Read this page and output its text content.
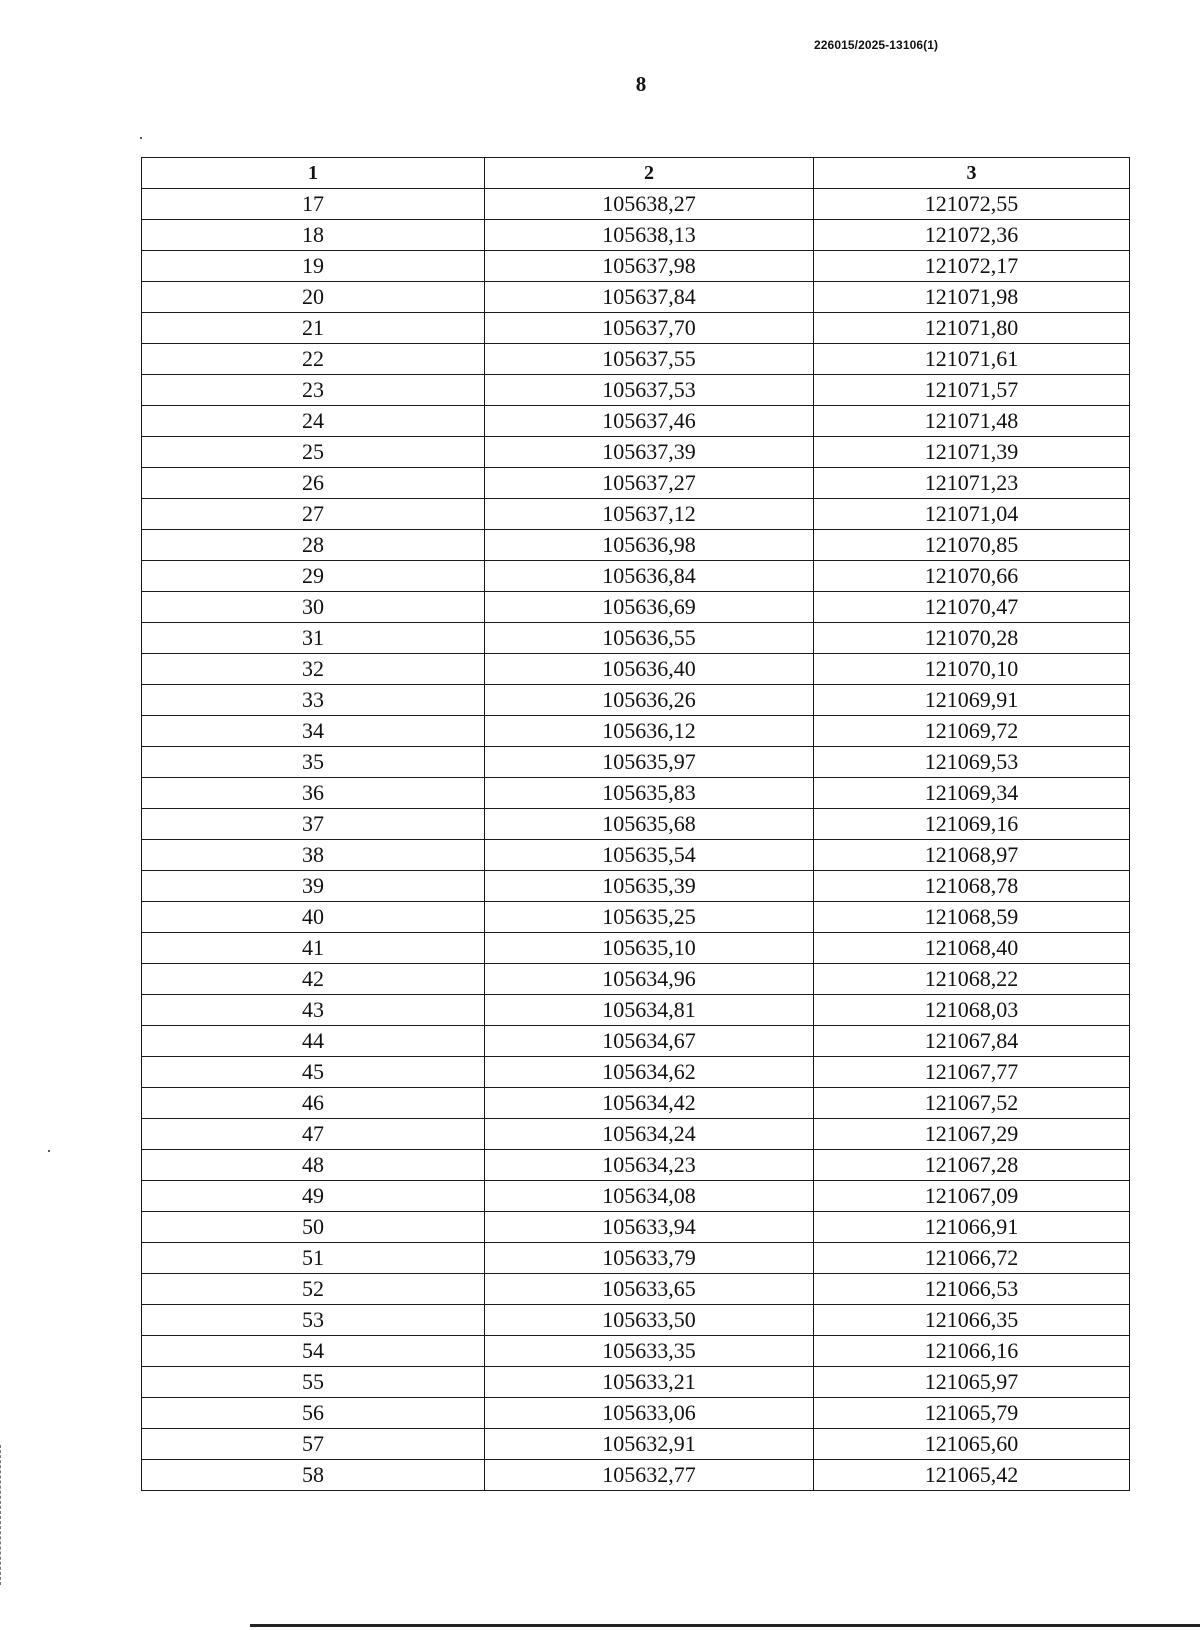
226015/2025-13106(1)
8
1	2	3
17	105638,27	121072,55
18	105638,13	121072,36
19	105637,98	121072,17
20	105637,84	121071,98
21	105637,70	121071,80
22	105637,55	121071,61
23	105637,53	121071,57
24	105637,46	121071,48
25	105637,39	121071,39
26	105637,27	121071,23
27	105637,12	121071,04
28	105636,98	121070,85
29	105636,84	121070,66
30	105636,69	121070,47
31	105636,55	121070,28
32	105636,40	121070,10
33	105636,26	121069,91
34	105636,12	121069,72
35	105635,97	121069,53
36	105635,83	121069,34
37	105635,68	121069,16
38	105635,54	121068,97
39	105635,39	121068,78
40	105635,25	121068,59
41	105635,10	121068,40
42	105634,96	121068,22
43	105634,81	121068,03
44	105634,67	121067,84
45	105634,62	121067,77
46	105634,42	121067,52
47	105634,24	121067,29
48	105634,23	121067,28
49	105634,08	121067,09
50	105633,94	121066,91
51	105633,79	121066,72
52	105633,65	121066,53
53	105633,50	121066,35
54	105633,35	121066,16
55	105633,21	121065,97
56	105633,06	121065,79
57	105632,91	121065,60
58	105632,77	121065,42
